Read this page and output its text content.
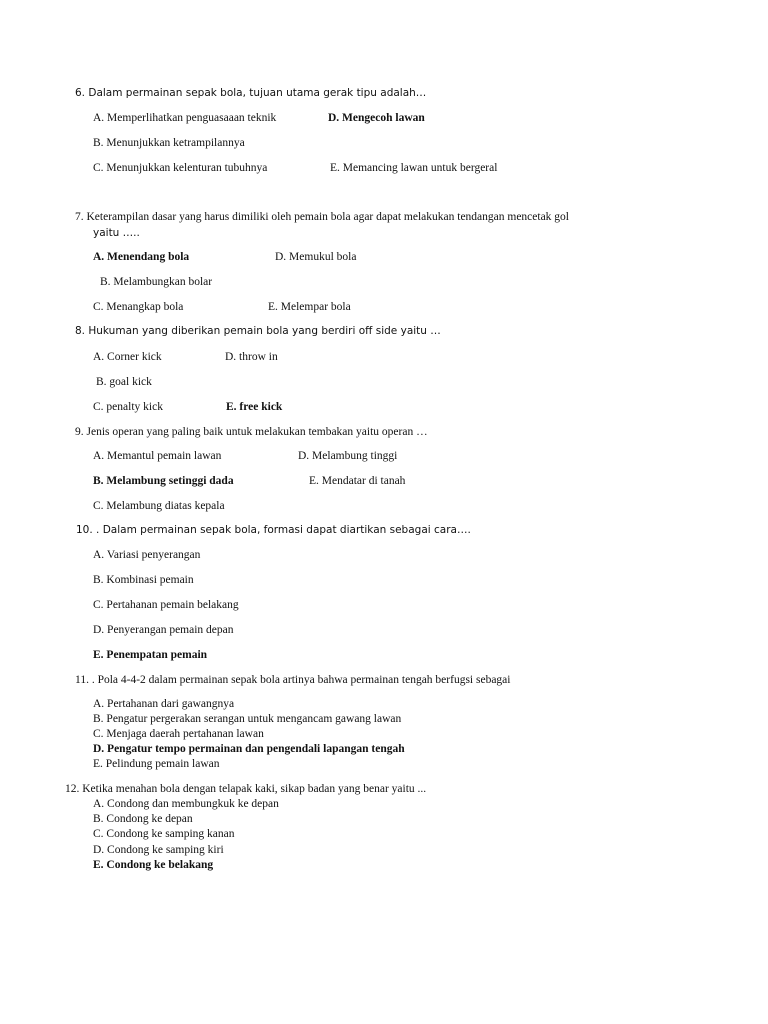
6. Dalam permainan sepak bola, tujuan utama gerak tipu adalah…
A. Memperlihatkan penguasaaan teknik	D. Mengecoh lawan
B. Menunjukkan ketrampilannya
C. Menunjukkan kelenturan tubuhnya	E. Memancing lawan untuk bergeral
7. Keterampilan dasar yang harus dimiliki oleh pemain bola agar dapat melakukan tendangan mencetak gol
yaitu …..
A. Menendang bola	D. Memukul bola
B. Melambungkan bolar
C. Menangkap bola	E. Melempar bola
8. Hukuman yang diberikan pemain bola yang berdiri off side yaitu …
A. Corner kick	D. throw in
B. goal kick
C. penalty kick	E. free kick
9. Jenis operan yang paling baik untuk melakukan tembakan yaitu operan …
A. Memantul pemain lawan	D. Melambung tinggi
B. Melambung setinggi dada	E. Mendatar di tanah
C. Melambung diatas kepala
10. . Dalam permainan sepak bola, formasi dapat diartikan sebagai cara….
A. Variasi penyerangan
B. Kombinasi pemain
C. Pertahanan pemain belakang
D. Penyerangan pemain depan
E. Penempatan pemain
11. . Pola 4-4-2 dalam permainan sepak bola artinya bahwa permainan tengah berfugsi sebagai
A. Pertahanan dari gawangnya
B. Pengatur pergerakan serangan untuk mengancam gawang lawan
C. Menjaga daerah pertahanan lawan
D. Pengatur tempo permainan dan pengendali lapangan tengah
E. Pelindung pemain lawan
12. Ketika menahan bola dengan telapak kaki, sikap badan yang benar yaitu ...
A. Condong dan membungkuk ke depan
B. Condong ke depan
C. Condong ke samping kanan
D. Condong ke samping kiri
E. Condong ke belakang
